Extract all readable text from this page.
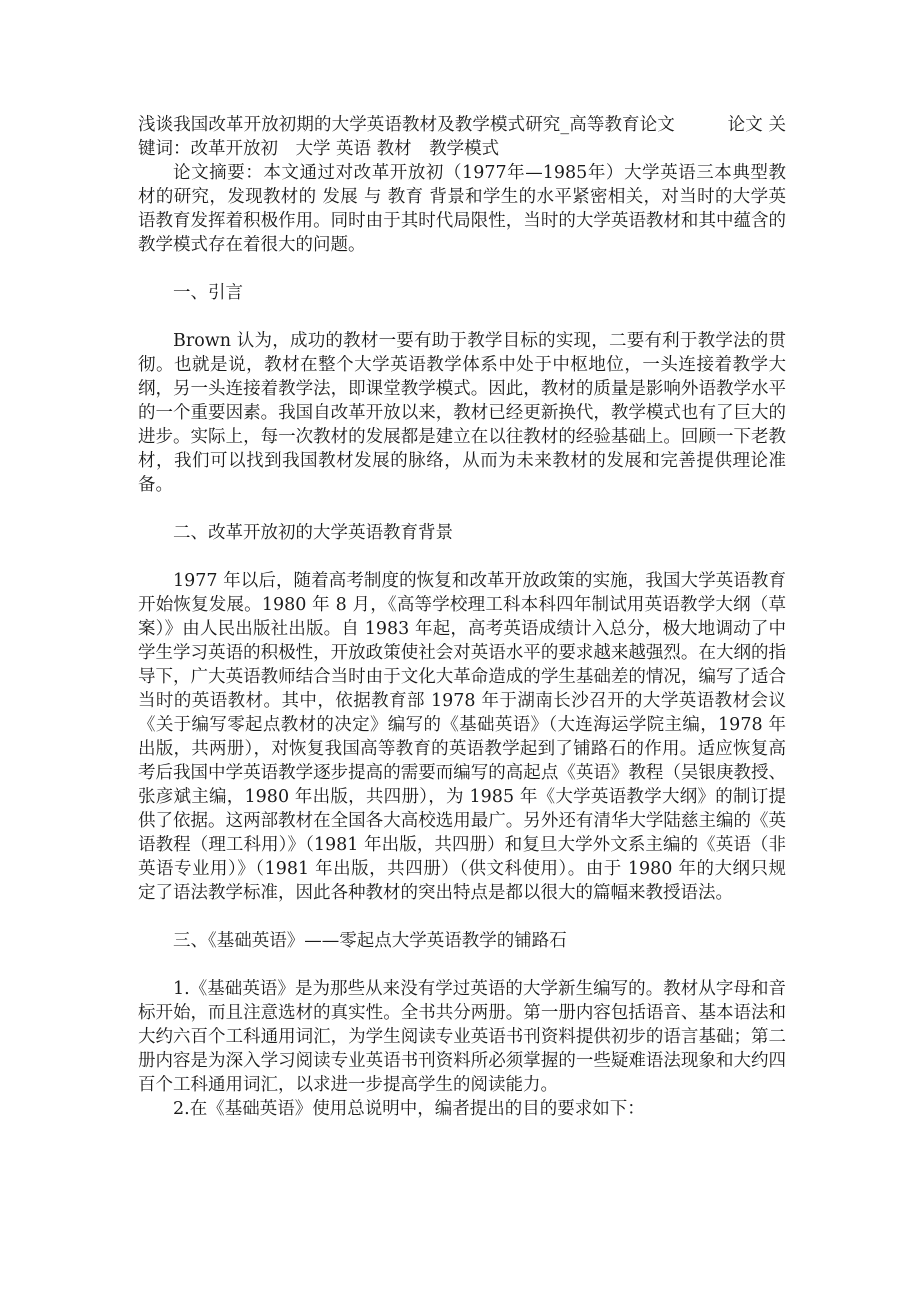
浅谈我国改革开放初期的大学英语教材及教学模式研究_高等教育论文　　　论文 关键词：改革开放初　大学 英语 教材　教学模式

论文摘要：本文通过对改革开放初（1977年—1985年）大学英语三本典型教材的研究，发现教材的 发展 与 教育 背景和学生的水平紧密相关，对当时的大学英语教育发挥着积极作用。同时由于其时代局限性，当时的大学英语教材和其中蕴含的教学模式存在着很大的问题。

一、引言

Brown 认为，成功的教材一要有助于教学目标的实现，二要有利于教学法的贯彻。也就是说，教材在整个大学英语教学体系中处于中枢地位，一头连接着教学大纲，另一头连接着教学法，即课堂教学模式。因此，教材的质量是影响外语教学水平的一个重要因素。我国自改革开放以来，教材已经更新换代，教学模式也有了巨大的进步。实际上，每一次教材的发展都是建立在以往教材的经验基础上。回顾一下老教材，我们可以找到我国教材发展的脉络，从而为未来教材的发展和完善提供理论准备。

二、改革开放初的大学英语教育背景

1977 年以后，随着高考制度的恢复和改革开放政策的实施，我国大学英语教育开始恢复发展。1980 年 8 月，《高等学校理工科本科四年制试用英语教学大纲（草案）》由人民出版社出版。自 1983 年起，高考英语成绩计入总分，极大地调动了中学生学习英语的积极性，开放政策使社会对英语水平的要求越来越强烈。在大纲的指导下，广大英语教师结合当时由于文化大革命造成的学生基础差的情况，编写了适合当时的英语教材。其中，依据教育部 1978 年于湖南长沙召开的大学英语教材会议《关于编写零起点教材的决定》编写的《基础英语》（大连海运学院主编，1978 年出版，共两册），对恢复我国高等教育的英语教学起到了铺路石的作用。适应恢复高考后我国中学英语教学逐步提高的需要而编写的高起点《英语》教程（吴银庚教授、张彦斌主编，1980 年出版，共四册），为 1985 年《大学英语教学大纲》的制订提供了依据。这两部教材在全国各大高校选用最广。另外还有清华大学陆慈主编的《英语教程（理工科用）》（1981 年出版，共四册）和复旦大学外文系主编的《英语（非英语专业用）》（1981 年出版，共四册）（供文科使用）。由于 1980 年的大纲只规定了语法教学标准，因此各种教材的突出特点是都以很大的篇幅来教授语法。

三、《基础英语》——零起点大学英语教学的铺路石

1.《基础英语》是为那些从来没有学过英语的大学新生编写的。教材从字母和音标开始，而且注意选材的真实性。全书共分两册。第一册内容包括语音、基本语法和大约六百个工科通用词汇，为学生阅读专业英语书刊资料提供初步的语言基础；第二册内容是为深入学习阅读专业英语书刊资料所必须掌握的一些疑难语法现象和大约四百个工科通用词汇，以求进一步提高学生的阅读能力。

2.在《基础英语》使用总说明中，编者提出的目的要求如下：
